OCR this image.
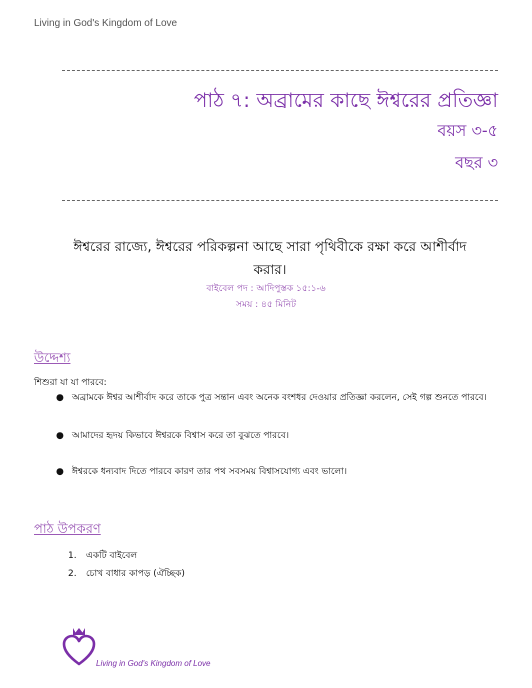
Living in God's Kingdom of Love
পাঠ ৭: অব্রামের কাছে ঈশ্বরের প্রতিজ্ঞা
বয়স ৩-৫
বছর ৩
ঈশ্বরের রাজ্যে, ঈশ্বরের পরিকল্পনা আছে সারা পৃথিবীকে রক্ষা করে আশীর্বাদ করার।
বাইবেল পদ : আদিপুস্তক ১৫:১-৬
সময় : ৪৫ মিনিট
উদ্দেশ্য
শিশুরা যা যা পারবে:
● অব্রামকে ঈশ্বর আশীর্বাদ করে তাকে পুত্র সন্তান এবং অনেক বংশধর দেওয়ার প্রতিজ্ঞা করলেন, সেই গল্প শুনতে পারবে।
● আমাদের হৃদয় কিভাবে ঈশ্বরকে বিশ্বাস করে তা বুঝতে পারবে।
● ঈশ্বরকে ধন্যবাদ দিতে পারবে কারণ তার পথ সবসময় বিশ্বাসযোগ্য এবং ভালো।
পাঠ উপকরণ
1. একটি বাইবেল
2. চোখ বাধার কাপড় (ঐচ্ছিক)
Living in God's Kingdom of Love
